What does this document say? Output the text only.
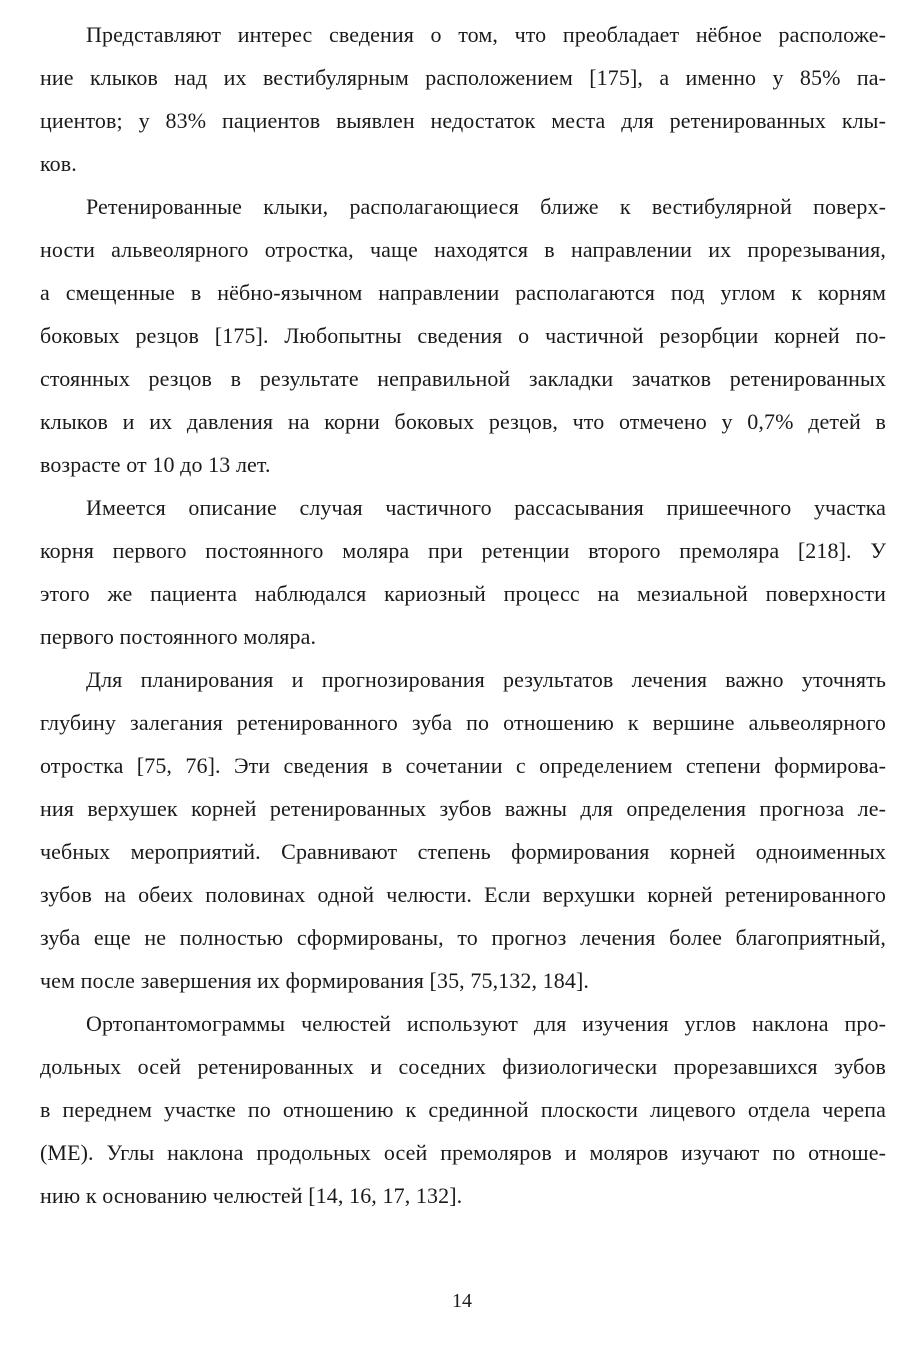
Представляют интерес сведения о том, что преобладает нёбное расположе-
ние клыков над их вестибулярным расположением [175], а именно у 85% па-
циентов; у 83% пациентов выявлен недостаток места для ретенированных клы-
ков.
Ретенированные клыки, располагающиеся ближе к вестибулярной поверх-
ности альвеолярного отростка, чаще находятся в направлении их прорезывания,
а смещенные в нёбно-язычном направлении располагаются под углом к корням
боковых резцов [175]. Любопытны сведения о частичной резорбции корней по-
стоянных резцов в результате неправильной закладки зачатков ретенированных
клыков и их давления на корни боковых резцов, что отмечено у 0,7% детей в
возрасте от 10 до 13 лет.
Имеется описание случая частичного рассасывания пришеечного участка
корня первого постоянного моляра при ретенции второго премоляра [218]. У
этого же пациента наблюдался кариозный процесс на мезиальной поверхности
первого постоянного моляра.
Для планирования и прогнозирования результатов лечения важно уточнять
глубину залегания ретенированного зуба по отношению к вершине альвеолярного
отростка [75, 76]. Эти сведения в сочетании с определением степени формирова-
ния верхушек корней ретенированных зубов важны для определения прогноза ле-
чебных мероприятий. Сравнивают степень формирования корней одноименных
зубов на обеих половинах одной челюсти. Если верхушки корней ретенированного
зуба еще не полностью сформированы, то прогноз лечения более благоприятный,
чем после завершения их формирования [35, 75,132, 184].
Ортопантомограммы челюстей используют для изучения углов наклона про-
дольных осей ретенированных и соседних физиологически прорезавшихся зубов
в переднем участке по отношению к срединной плоскости лицевого отдела черепа
(МЕ). Углы наклона продольных осей премоляров и моляров изучают по отноше-
нию к основанию челюстей [14, 16, 17, 132].
14
